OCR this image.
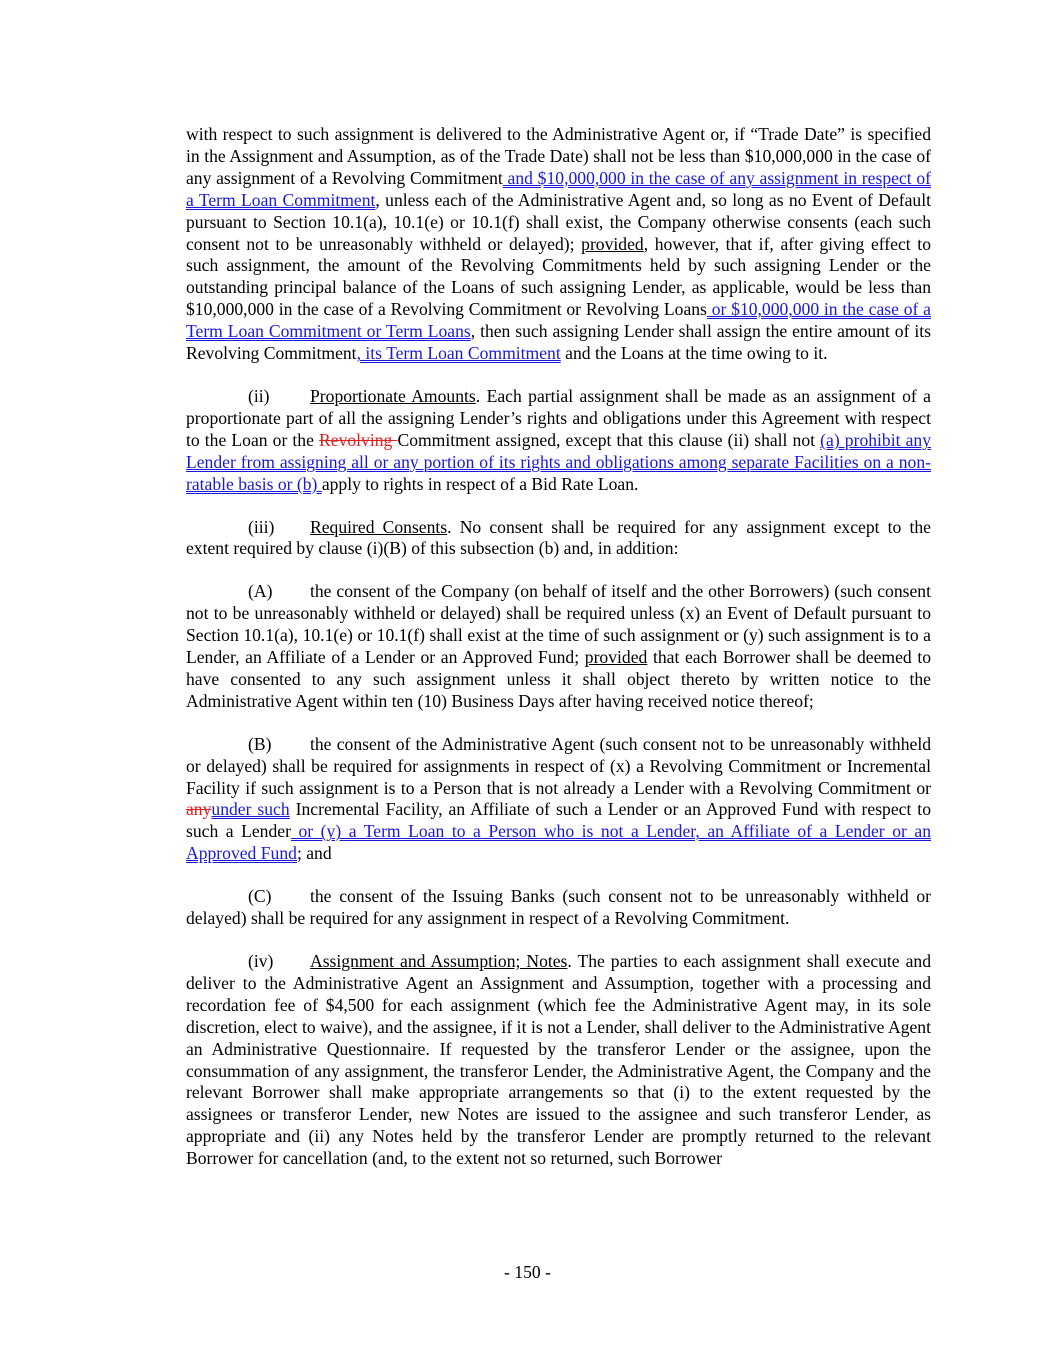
with respect to such assignment is delivered to the Administrative Agent or, if “Trade Date” is specified in the Assignment and Assumption, as of the Trade Date) shall not be less than $10,000,000 in the case of any assignment of a Revolving Commitment and $10,000,000 in the case of any assignment in respect of a Term Loan Commitment, unless each of the Administrative Agent and, so long as no Event of Default pursuant to Section 10.1(a), 10.1(e) or 10.1(f) shall exist, the Company otherwise consents (each such consent not to be unreasonably withheld or delayed); provided, however, that if, after giving effect to such assignment, the amount of the Revolving Commitments held by such assigning Lender or the outstanding principal balance of the Loans of such assigning Lender, as applicable, would be less than $10,000,000 in the case of a Revolving Commitment or Revolving Loans or $10,000,000 in the case of a Term Loan Commitment or Term Loans, then such assigning Lender shall assign the entire amount of its Revolving Commitment, its Term Loan Commitment and the Loans at the time owing to it.

(ii) Proportionate Amounts. Each partial assignment shall be made as an assignment of a proportionate part of all the assigning Lender’s rights and obligations under this Agreement with respect to the Loan or the Revolving Commitment assigned, except that this clause (ii) shall not (a) prohibit any Lender from assigning all or any portion of its rights and obligations among separate Facilities on a non-ratable basis or (b) apply to rights in respect of a Bid Rate Loan.

(iii) Required Consents. No consent shall be required for any assignment except to the extent required by clause (i)(B) of this subsection (b) and, in addition:

(A) the consent of the Company (on behalf of itself and the other Borrowers) (such consent not to be unreasonably withheld or delayed) shall be required unless (x) an Event of Default pursuant to Section 10.1(a), 10.1(e) or 10.1(f) shall exist at the time of such assignment or (y) such assignment is to a Lender, an Affiliate of a Lender or an Approved Fund; provided that each Borrower shall be deemed to have consented to any such assignment unless it shall object thereto by written notice to the Administrative Agent within ten (10) Business Days after having received notice thereof;

(B) the consent of the Administrative Agent (such consent not to be unreasonably withheld or delayed) shall be required for assignments in respect of (x) a Revolving Commitment or Incremental Facility if such assignment is to a Person that is not already a Lender with a Revolving Commitment or anyunder such Incremental Facility, an Affiliate of such a Lender or an Approved Fund with respect to such a Lender or (y) a Term Loan to a Person who is not a Lender, an Affiliate of a Lender or an Approved Fund; and

(C) the consent of the Issuing Banks (such consent not to be unreasonably withheld or delayed) shall be required for any assignment in respect of a Revolving Commitment.

(iv) Assignment and Assumption; Notes. The parties to each assignment shall execute and deliver to the Administrative Agent an Assignment and Assumption, together with a processing and recordation fee of $4,500 for each assignment (which fee the Administrative Agent may, in its sole discretion, elect to waive), and the assignee, if it is not a Lender, shall deliver to the Administrative Agent an Administrative Questionnaire. If requested by the transferor Lender or the assignee, upon the consummation of any assignment, the transferor Lender, the Administrative Agent, the Company and the relevant Borrower shall make appropriate arrangements so that (i) to the extent requested by the assignees or transferor Lender, new Notes are issued to the assignee and such transferor Lender, as appropriate and (ii) any Notes held by the transferor Lender are promptly returned to the relevant Borrower for cancellation (and, to the extent not so returned, such Borrower

- 150 -
